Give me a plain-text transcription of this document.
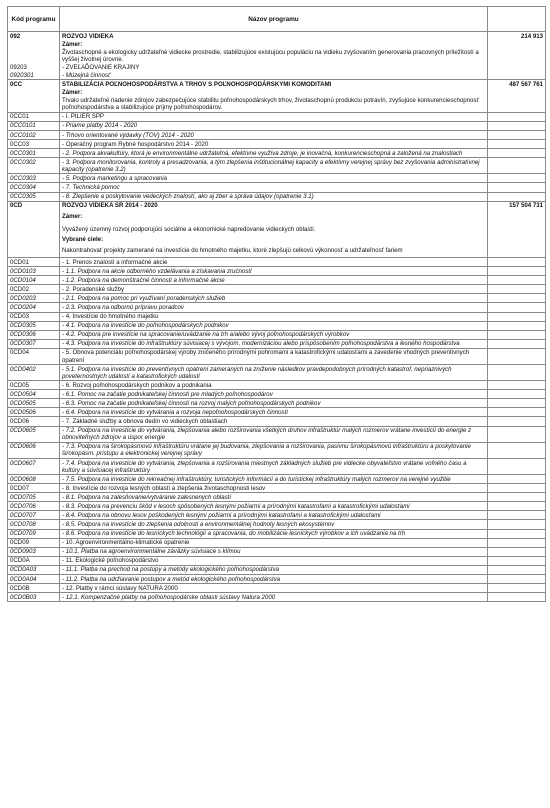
Kód programu	Názov programu	
092	ROZVOJ VIDIEKA	214 913
	Zámer:	
	Životaschopné a ekologicky udržateľné vidiecke prostredie, stabilizujúce existujúcu populáciu na vidieku zvyšovaním generovania pracovných príležitostí a vyššej životnej úrovne.	
09203	- ZVEĽAĎOVANIE KRAJINY	
0920301	- Múzejná činnosť	
0CC	STABILIZÁCIA POĽNOHOSPODÁRSTVA A TRHOV S POĽNOHOSPODÁRSKYMI KOMODITAMI	487 567 761
	Zámer:	
	Trvalo udržateľné riadenie zdrojov zabezpečujúce stabilitu poľnohospodárskych trhov, životaschopnú produkciu potravín, zvyšujúce konkurencieschopnosť poľnohospodárstva a stabilizujúce príjmy poľnohospodárov.	
0CC01	- I. PILIER SPP	
0CC0101	- Priame platby 2014 - 2020	
0CC0102	- Trhovo orientované výdavky (TOV) 2014 - 2020	
0CC03	- Operačný program Rybné hospodárstvo 2014 - 2020	
0CC0301	- 2. Podpora akvakultúry, ktorá je environmentálne udržateľná, efektívne využíva zdroje, je inovačná, konkurencieschopná a založená na znalostiach	
0CC0302	- 3. Podpora monitorovania, kontroly a presadzovania, a tým zlepšenia inštitucionálnej kapacity a efektívny verejnej správy bez zvyšovania administratívnej kapacity (opatrenie 3.2)	
0CC0303	- 5. Podpora marketingu a spracovania	
0CC0304	- 7. Technická pomoc	
0CC0305	- 8. Zlepšenie a poskytovanie vedeckých znalostí, ako aj zber a správa údajov (opatrenie 3.1)	
0CD	ROZVOJ VIDIEKA SR 2014 - 2020	157 504 731
	Zámer:	
	Vyvážený územný rozvoj podporujúci sociálne a ekonomické napredovanie vidieckych oblastí.	
	Vybrané ciele:	
	Nakontrahovať projekty zamerané na investície do hmotného majetku, ktoré zlepšujú celkovú výkonnosť a udržateľnosť fariem	
0CD01	- 1. Prenos znalostí a informačné akcie	
0CD0103	- 1.1. Podpora na akcie odborného vzdelávania a získavania zručností	
0CD0104	- 1.2. Podpora na demonštračné činnosti a informačné akcie	
0CD02	- 2. Poradenské služby	
0CD0203	- 2.1. Podpora na pomoc pri využívaní poradenských služieb	
0CD0204	- 2.3. Podpora na odbornú prípravu poradcov	
0CD03	- 4. Investície do hmotného majetku	
0CD0305	- 4.1. Podpora na investície do poľnohospodárskych podnikov	
0CD0306	- 4.2. Podpora pre investície na spracovanie/uvádzanie na trh a/alebo vývoj poľnohospodárskych výrobkov	
0CD0307	- 4.3. Podpora na investície do infraštruktúry súvisiacej s vývojom, modernizáciou alebo prispôsobením poľnohospodárstva a lesného hospodárstva	
0CD04	- 5. Obnova potenciálu poľnohospodárskej výroby zničeného prírodnými pohromami a katastrofickými udalosťami a zavedenie vhodných preventívnych opatrení	
0CD0402	- 5.1. Podpora na investície do preventívnych opatrení zameraných na zníženie následkov pravdepodobných prírodných katastrof, nepriaznivých poveternostných udalostí a katastrofických udalostí	
0CD05	- 6. Rozvoj poľnohospodárskych podnikov a podnikania	
0CD0504	- 6.1. Pomoc na začatie podnikateľskej činnosti pre mladých poľnohospodárov	
0CD0505	- 6.3. Pomoc na začatie podnikateľskej činnosti na rozvoj malých poľnohospodárskych podnikov	
0CD0506	- 6.4. Podpora na investície do vytvárania a rozvoja nepoľnohospodárskych činností	
0CD06	- 7. Základné služby a obnova dedín vo vidieckych oblastiach	
0CD0605	- 7.2. Podpora na investície do vytvárania, zlepšovania alebo rozširovania všetkých druhov infraštruktúr malých rozmerov vrátane investícií do energie z obnoviteľných zdrojov a úspor energie	
0CD0606	- 7.3. Podpora na širokopásmovú infraštruktúru vrátane jej budovania, zlepšovania a rozširovania, pasívnu širokopásmovú infraštruktúru a poskytovanie širokopásm. prístupu a elektronickej verejnej správy	
0CD0607	- 7.4. Podpora na investície do vytvárania, zlepšovania a rozširovania miestnych základných služieb pre vidiecke obyvateľstvo vrátane voľného času a kultúry a súvisiacej infraštruktúry	
0CD0608	- 7.5. Podpora na investície do rekreačnej infraštruktúry, turistických informácií a do turistickej infraštruktúry malých rozmerov na verejné využitie	
0CD07	- 8. Investície do rozvoja lesných oblastí a zlepšenia životaschopnosti lesov	
0CD0705	- 8.1. Podpora na zalesňovanie/vytváranie zalesnených oblastí	
0CD0706	- 8.3. Podpora na prevenciu škôd v lesoch spôsobených lesnými požiarmi a prírodnými katastrofami a katastrofickými udalosťami	
0CD0707	- 8.4. Podpora na obnovu lesov poškodených lesnými požiarmi a prírodnými katastrofami a katastrofickými udalosťami	
0CD0708	- 8.5. Podpora na investície do zlepšenia odolnosti a environmentálnej hodnoty lesných ekosystémov	
0CD0709	- 8.6. Podpora na investície do lesníckych technológií a spracovania, do mobilizácie lesníckych výrobkov a ich uvádzania na trh	
0CD09	- 10. Agroenvironmentálno-klimatické opatrenie	
0CD0903	- 10.1. Platba na agroenvironmentálne záväzky súvisiace s klímou	
0CD0A	- 11. Ekologické poľnohospodárstvo	
0CD0A03	- 11.1. Platba na prechod na postupy a metódy ekologického poľnohospodárstva	
0CD0A04	- 11.2. Platba na udržiavanie postupov a metód ekologického poľnohospodárstva	
0CD0B	- 12. Platby v rámci sústavy NATURA 2000	
0CD0B03	- 12.1. Kompenzačné platby na poľnohospodárske oblasti sústavy Natura 2000	
